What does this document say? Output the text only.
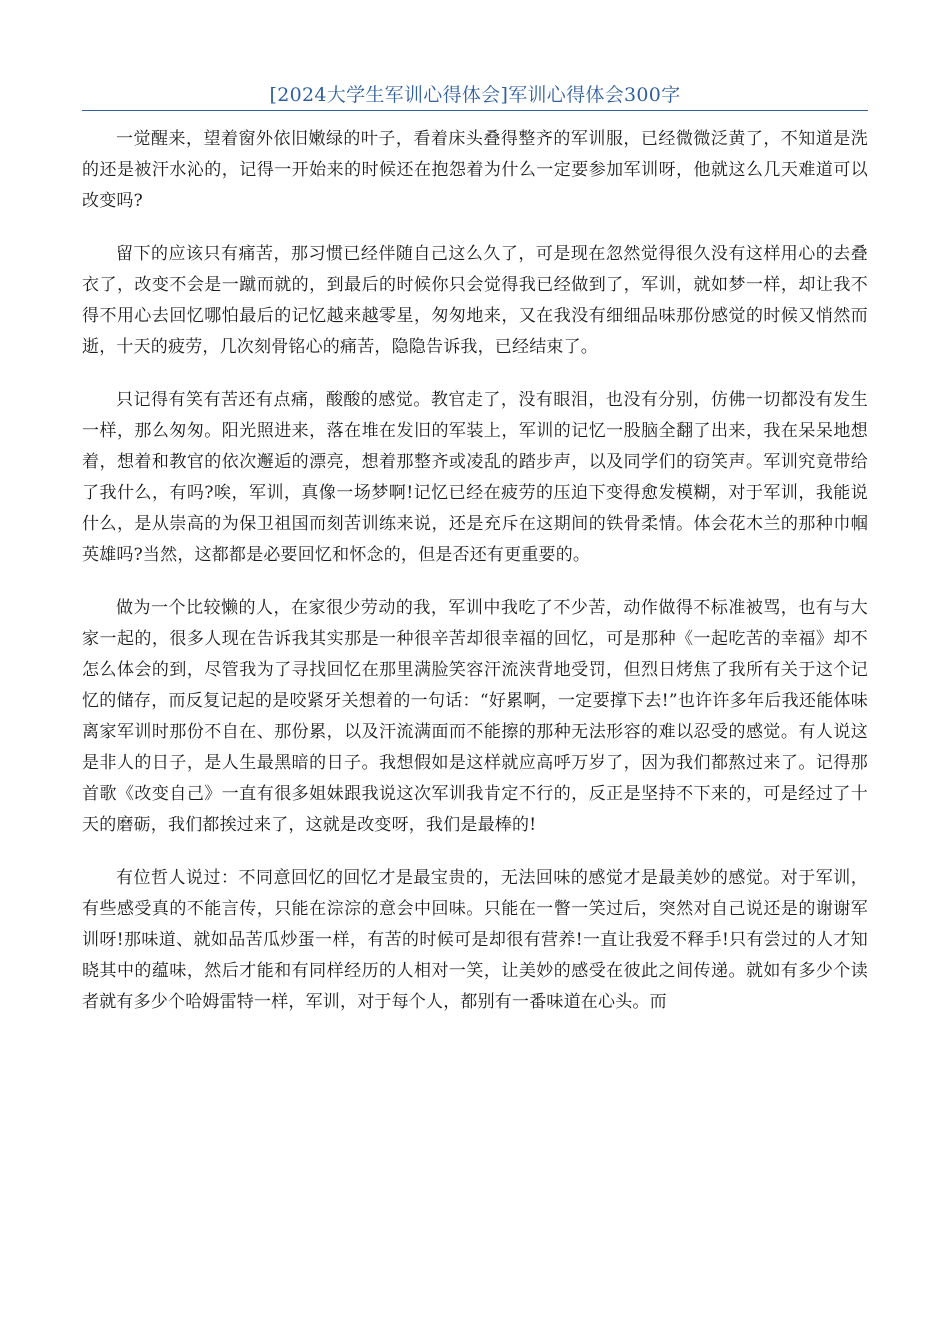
[2024大学生军训心得体会]军训心得体会300字

一觉醒来，望着窗外依旧嫩绿的叶子，看着床头叠得整齐的军训服，已经微微泛黄了，不知道是洗的还是被汗水沁的，记得一开始来的时候还在抱怨着为什么一定要参加军训呀，他就这么几天难道可以改变吗?

留下的应该只有痛苦，那习惯已经伴随自己这么久了，可是现在忽然觉得很久没有这样用心的去叠衣了，改变不会是一蹴而就的，到最后的时候你只会觉得我已经做到了，军训，就如梦一样，却让我不得不用心去回忆哪怕最后的记忆越来越零星，匆匆地来，又在我没有细细品味那份感觉的时候又悄然而逝，十天的疲劳，几次刻骨铭心的痛苦，隐隐告诉我，已经结束了。

只记得有笑有苦还有点痛，酸酸的感觉。教官走了，没有眼泪，也没有分别，仿佛一切都没有发生一样，那么匆匆。阳光照进来，落在堆在发旧的军装上，军训的记忆一股脑全翻了出来，我在呆呆地想着，想着和教官的依次邂逅的漂亮，想着那整齐或凌乱的踏步声，以及同学们的窃笑声。军训究竟带给了我什么，有吗?唉，军训，真像一场梦啊!记忆已经在疲劳的压迫下变得愈发模糊，对于军训，我能说什么，是从崇高的为保卫祖国而刻苦训练来说，还是充斥在这期间的铁骨柔情。体会花木兰的那种巾帼英雄吗?当然，这都都是必要回忆和怀念的，但是否还有更重要的。

做为一个比较懒的人，在家很少劳动的我，军训中我吃了不少苦，动作做得不标准被骂，也有与大家一起的，很多人现在告诉我其实那是一种很辛苦却很幸福的回忆，可是那种《一起吃苦的幸福》却不怎么体会的到，尽管我为了寻找回忆在那里满脸笑容汗流浃背地受罚，但烈日烤焦了我所有关于这个记忆的储存，而反复记起的是咬紧牙关想着的一句话：“好累啊，一定要撑下去!”也许许多年后我还能体味离家军训时那份不自在、那份累，以及汗流满面而不能擦的那种无法形容的难以忍受的感觉。有人说这是非人的日子，是人生最黑暗的日子。我想假如是这样就应高呼万岁了，因为我们都熬过来了。记得那首歌《改变自己》一直有很多姐妹跟我说这次军训我肯定不行的，反正是坚持不下来的，可是经过了十天的磨砺，我们都挨过来了，这就是改变呀，我们是最棒的!

有位哲人说过：不同意回忆的回忆才是最宝贵的，无法回味的感觉才是最美妙的感觉。对于军训，有些感受真的不能言传，只能在淙淙的意会中回味。只能在一瞥一笑过后，突然对自己说还是的谢谢军训呀!那味道、就如品苦瓜炒蛋一样，有苦的时候可是却很有营养!一直让我爱不释手!只有尝过的人才知晓其中的蕴味，然后才能和有同样经历的人相对一笑，让美妙的感受在彼此之间传递。就如有多少个读者就有多少个哈姆雷特一样，军训，对于每个人，都别有一番味道在心头。而
